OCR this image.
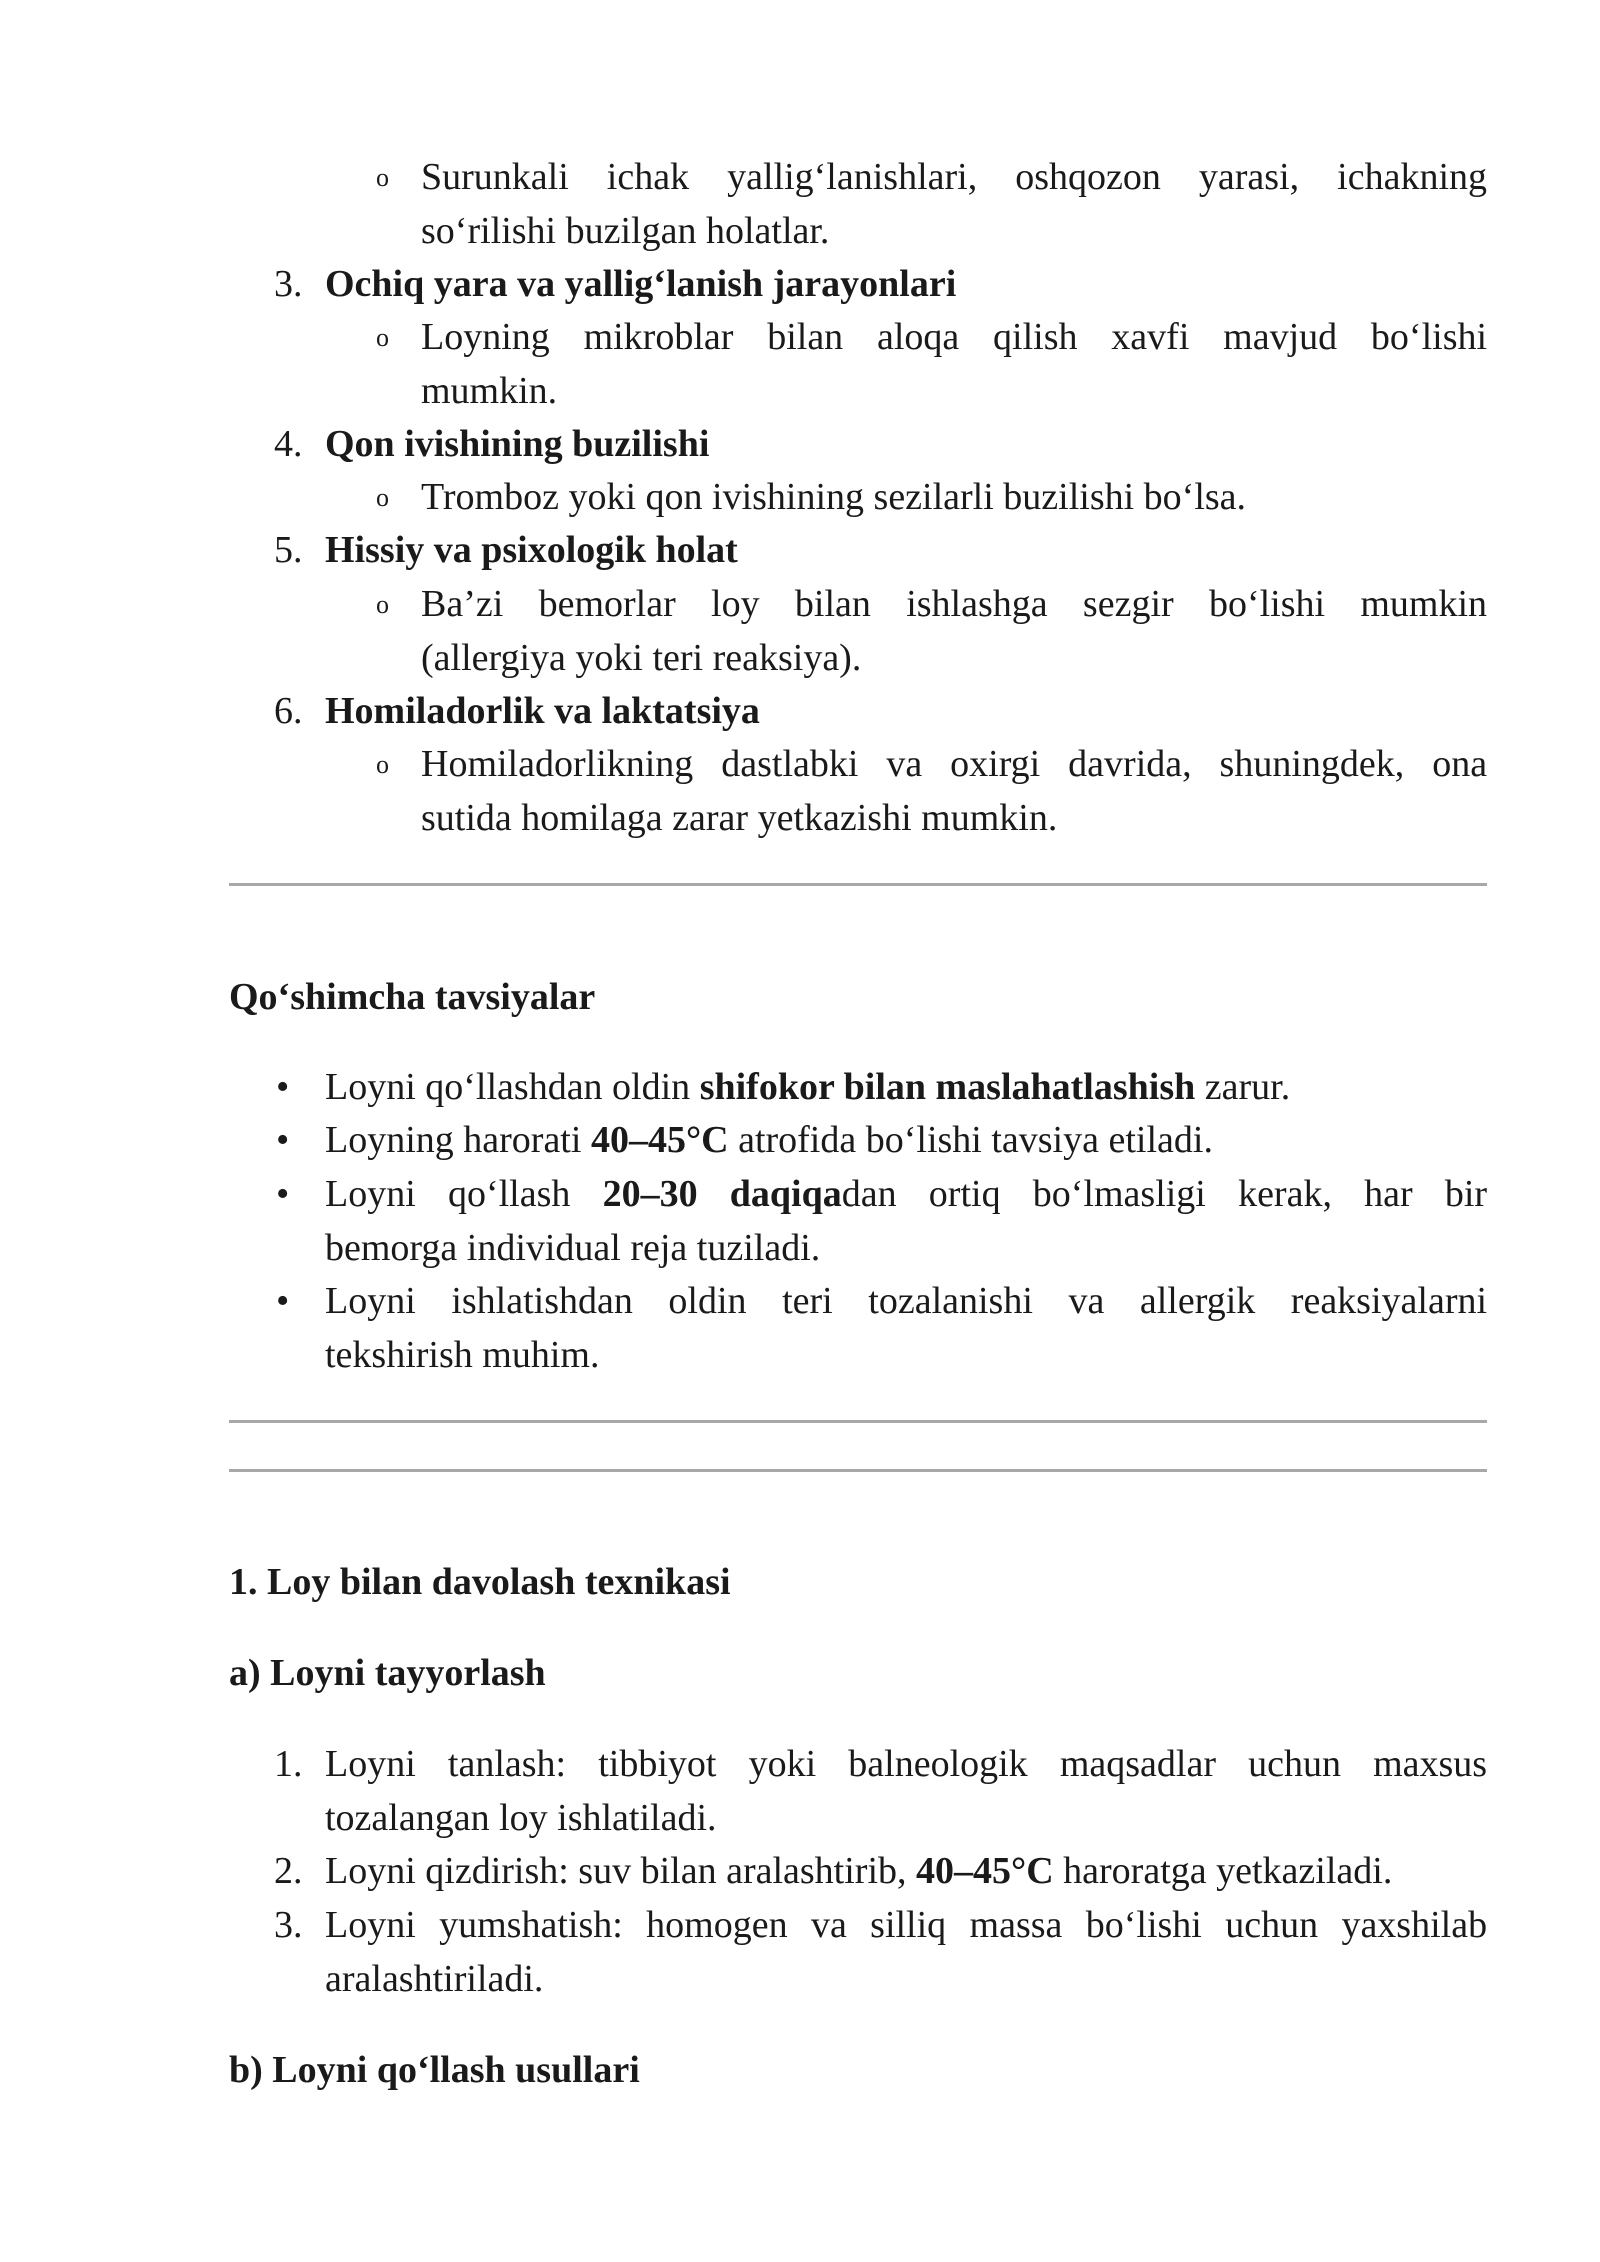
o Surunkali ichak yallig‘lanishlari, oshqozon yarasi, ichakning
so‘rilishi buzilgan holatlar.
3. Ochiq yara va yallig‘lanish jarayonlari
o Loyning mikroblar bilan aloqa qilish xavfi mavjud bo‘lishi
mumkin.
4. Qon ivishining buzilishi
o Tromboz yoki qon ivishining sezilarli buzilishi bo‘lsa.
5. Hissiy va psixologik holat
o Ba’zi bemorlar loy bilan ishlashga sezgir bo‘lishi mumkin
(allergiya yoki teri reaksiya).
6. Homiladorlik va laktatsiya
o Homiladorlikning dastlabki va oxirgi davrida, shuningdek, ona
sutida homilaga zarar yetkazishi mumkin.
Qo‘shimcha tavsiyalar
• Loyni qo‘llashdan oldin shifokor bilan maslahatlashish zarur.
• Loyning harorati 40–45°C atrofida bo‘lishi tavsiya etiladi.
• Loyni qo‘llash 20–30 daqiqadan ortiq bo‘lmasligi kerak, har bir
bemorga individual reja tuziladi.
• Loyni ishlatishdan oldin teri tozalanishi va allergik reaksiyalarni
tekshirish muhim.
1. Loy bilan davolash texnikasi
a) Loyni tayyorlash
1. Loyni tanlash: tibbiyot yoki balneologik maqsadlar uchun maxsus
tozalangan loy ishlatiladi.
2. Loyni qizdirish: suv bilan aralashtirib, 40–45°C haroratga yetkaziladi.
3. Loyni yumshatish: homogen va silliq massa bo‘lishi uchun yaxshilab
aralashtiriladi.
b) Loyni qo‘llash usullari
